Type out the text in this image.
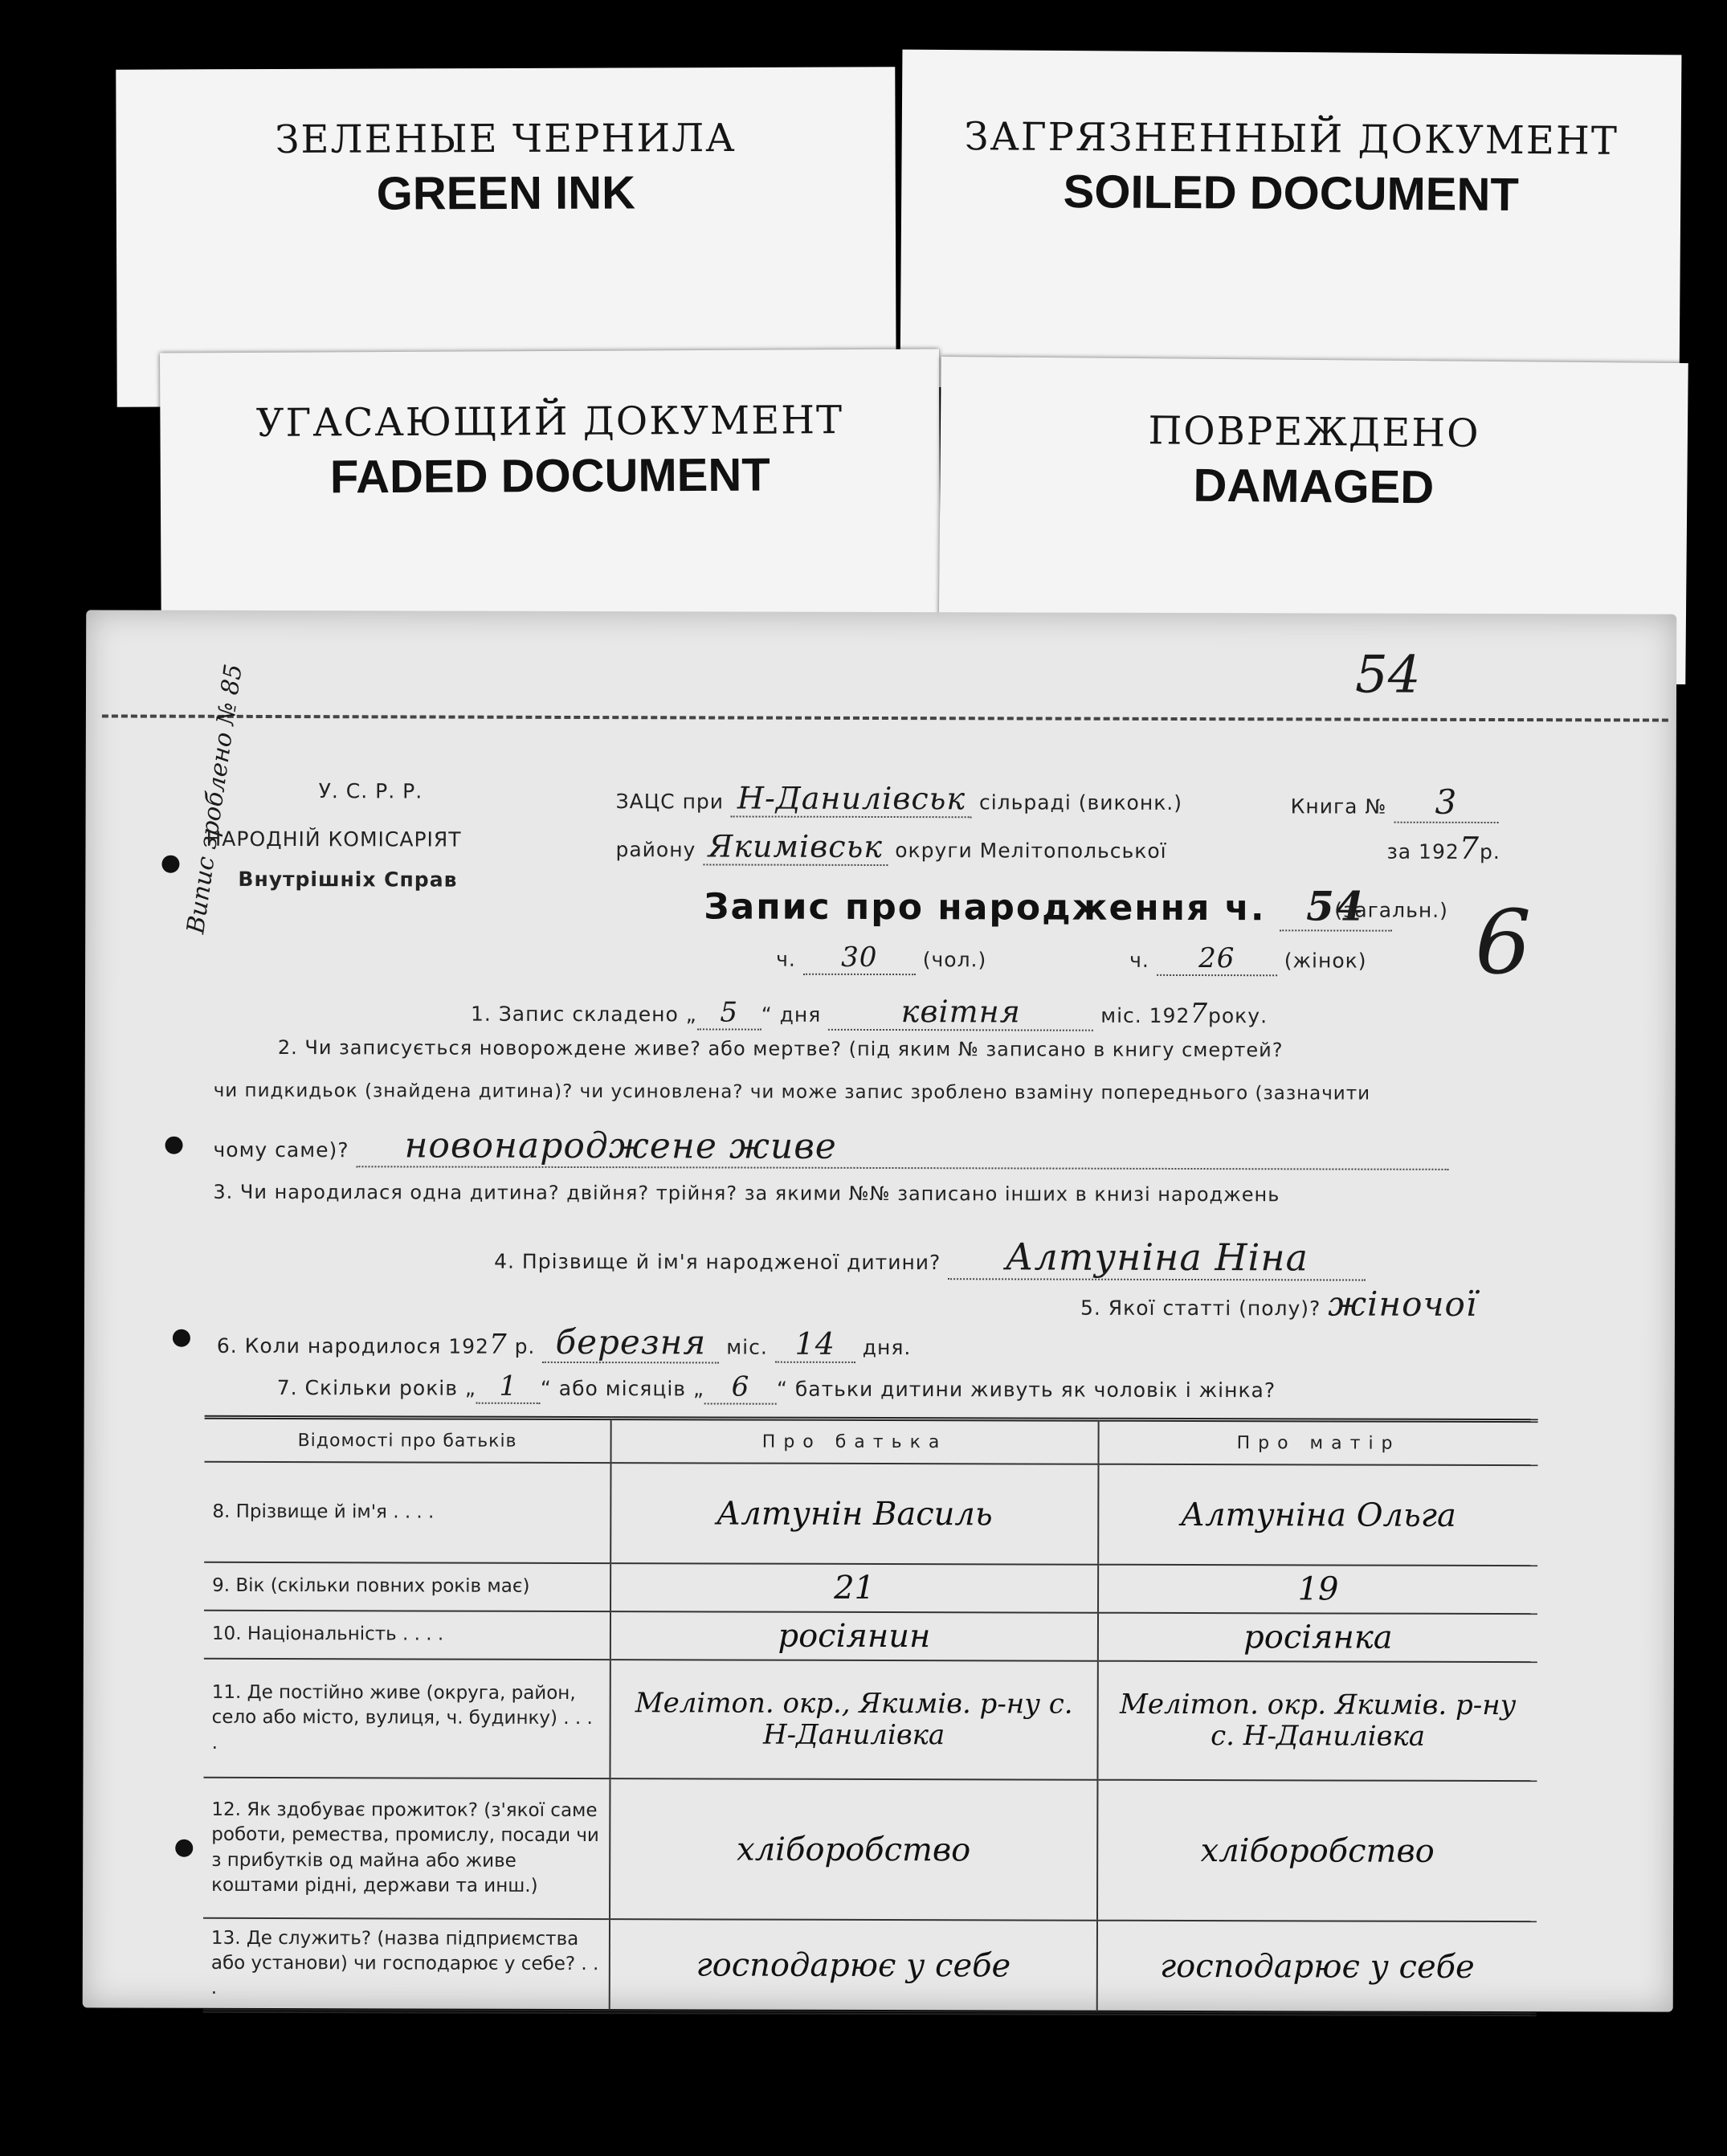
ЗЕЛЕНЫЕ ЧЕРНИЛА
GREEN INK
ЗАГРЯЗНЕННЫЙ ДОКУМЕНТ
SOILED DOCUMENT
УГАСАЮЩИЙ ДОКУМЕНТ
FADED DOCUMENT
ПОВРЕЖДЕНО
DAMAGED
54
Випис зроблено № 85	У. С. Р. Р.
НАРОДНІЙ КОМІСАРІЯТ
Внутрішніх Справ
ЗАЦС при Н-Данилівськ сільраді (виконк.)	Книга № 3
району Якимівськ округи Мелітопольської	за 1927р.
Запис про народження ч. 54
(загальн.) 6
ч. 30 (чол.)	ч. 26 (жінок)
1. Запис складено „ 5 “ дня	квітня	міс. 1927року.
2. Чи записується новорождене живе? або мертве? (під яким № записано в книгу смертей?
чи пидкидьок (знайдена дитина)? чи усиновлена? чи може запис зроблено взаміну попереднього (зазначити
чому саме)? новонароджене живе
3. Чи народилася одна дитина? двійня? трійня? за якими №№ записано інших в книзі народжень
4. Прізвище й ім'я народженої дитини? Алтуніна Ніна
5. Якої статті (полу)? жіночої
6. Коли народилося 1927 р. березня міс. 14 дня.
7. Скільки років „ 1 “ або місяців „ 6 “ батьки дитини живуть як чоловік і жінка?
Відомості про батьків	Про батька	Про матір
8. Прізвище й ім'я . . . .	Алтунін Василь	Алтуніна Ольга
9. Вік (скільки повних років має)	21	19
10. Національність . . . .	росіянин	росіянка
11. Де постійно живе (округа, район, село або місто, вулиця, ч. будинку) . . . .	Мелітоп. окр., Якимів. р-ну с. Н-Данилівка	Мелітоп. окр. Якимів. р-ну с. Н-Данилівка
12. Як здобуває прожиток? (з'якої саме роботи, ремества, промислу, посади чи з прибутків од майна або живе коштами рідні, держави та инш.)	хліборобство	хліборобство
13. Де служить? (назва підприємства або установи) чи господарює у себе? . . .	господарює у себе	господарює у себе
